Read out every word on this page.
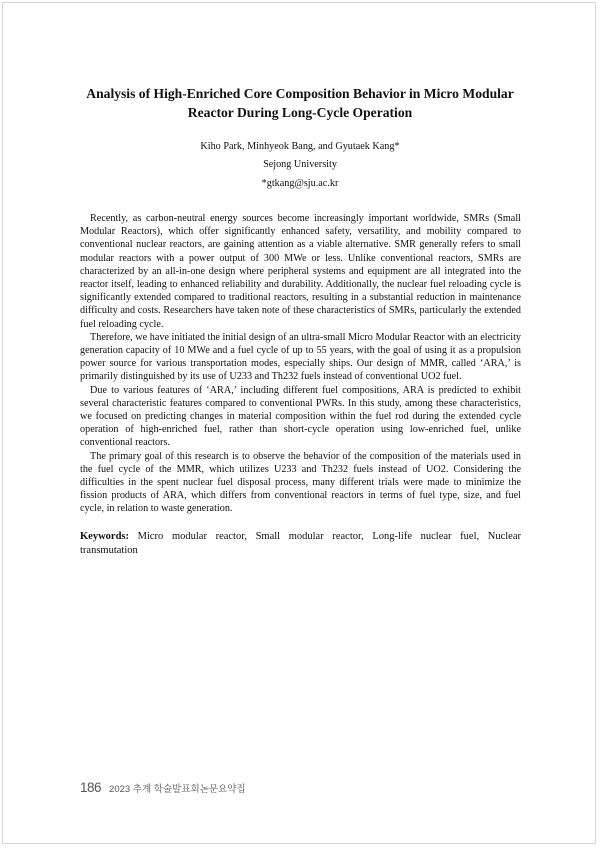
Analysis of High-Enriched Core Composition Behavior in Micro Modular Reactor During Long-Cycle Operation

Kiho Park, Minhyeok Bang, and Gyutaek Kang*

Sejong University

*gtkang@sju.ac.kr

Recently, as carbon-neutral energy sources become increasingly important worldwide, SMRs (Small Modular Reactors), which offer significantly enhanced safety, versatility, and mobility compared to conventional nuclear reactors, are gaining attention as a viable alternative. SMR generally refers to small modular reactors with a power output of 300 MWe or less. Unlike conventional reactors, SMRs are characterized by an all-in-one design where peripheral systems and equipment are all integrated into the reactor itself, leading to enhanced reliability and durability. Additionally, the nuclear fuel reloading cycle is significantly extended compared to traditional reactors, resulting in a substantial reduction in maintenance difficulty and costs. Researchers have taken note of these characteristics of SMRs, particularly the extended fuel reloading cycle.

Therefore, we have initiated the initial design of an ultra-small Micro Modular Reactor with an electricity generation capacity of 10 MWe and a fuel cycle of up to 55 years, with the goal of using it as a propulsion power source for various transportation modes, especially ships. Our design of MMR, called ‘ARA,’ is primarily distinguished by its use of U233 and Th232 fuels instead of conventional UO2 fuel.

Due to various features of ‘ARA,’ including different fuel compositions, ARA is predicted to exhibit several characteristic features compared to conventional PWRs. In this study, among these characteristics, we focused on predicting changes in material composition within the fuel rod during the extended cycle operation of high-enriched fuel, rather than short-cycle operation using low-enriched fuel, unlike conventional reactors.

The primary goal of this research is to observe the behavior of the composition of the materials used in the fuel cycle of the MMR, which utilizes U233 and Th232 fuels instead of UO2. Considering the difficulties in the spent nuclear fuel disposal process, many different trials were made to minimize the fission products of ARA, which differs from conventional reactors in terms of fuel type, size, and fuel cycle, in relation to waste generation.

Keywords: Micro modular reactor, Small modular reactor, Long-life nuclear fuel, Nuclear transmutation

186 2023 추계 학술발표회논문요약집
